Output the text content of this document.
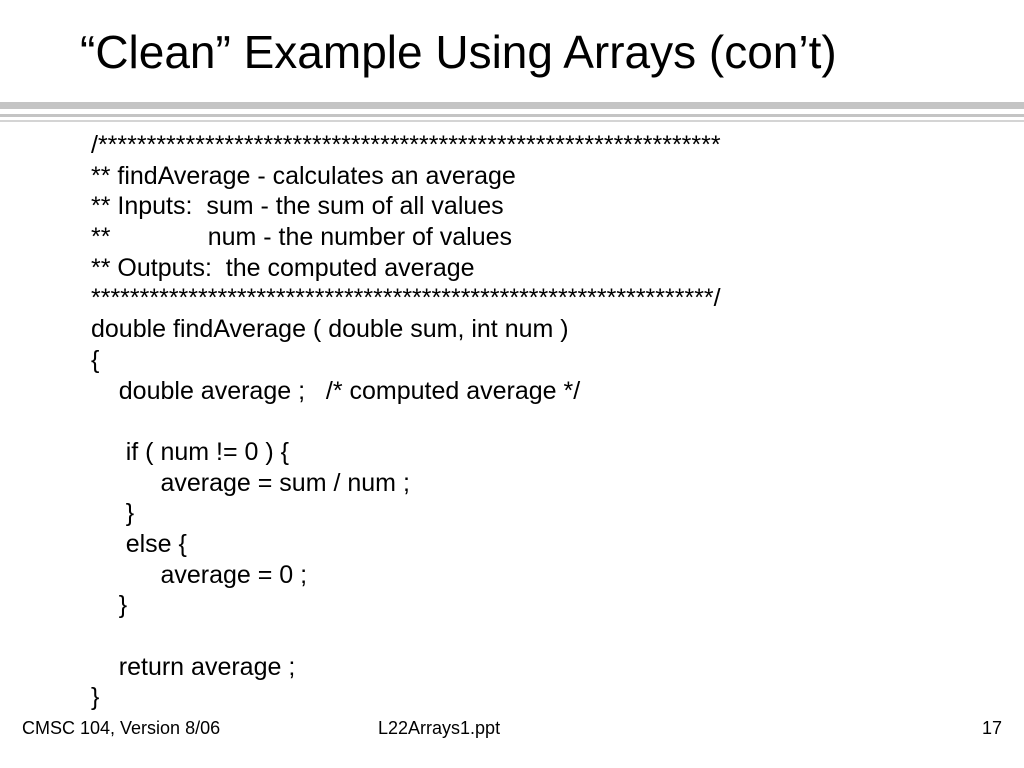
“Clean” Example Using Arrays (con’t)
/****************************************************************
** findAverage - calculates an average
** Inputs:  sum - the sum of all values
**              num - the number of values
** Outputs:  the computed average
****************************************************************/
double findAverage ( double sum, int num )
{
double average ;   /* computed average */
if ( num != 0 ) {
average = sum / num ;
}
else {
average = 0 ;
}
return average ;
}
CMSC 104, Version 8/06	L22Arrays1.ppt	17
